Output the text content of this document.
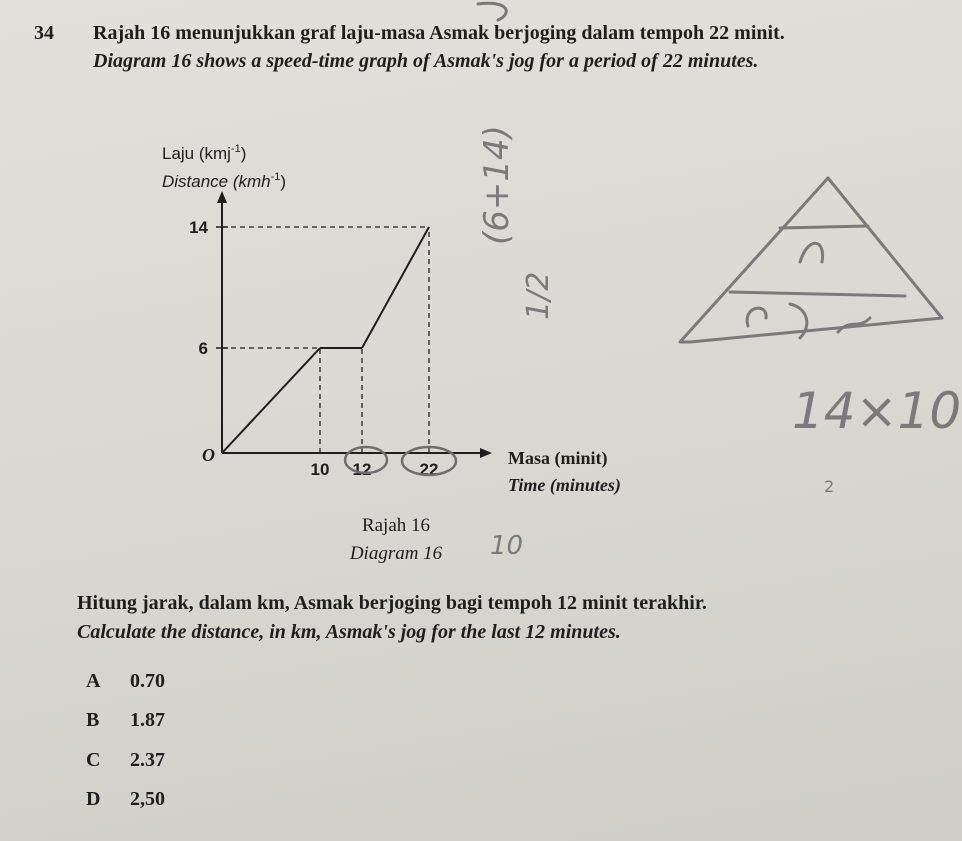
34 Rajah 16 menunjukkan graf laju-masa Asmak berjoging dalam tempoh 22 minit.
Diagram 16 shows a speed-time graph of Asmak's jog for a period of 22 minutes.
Laju (kmj$^{-1}$)
Distance (kmh$^{-1}$)
Masa (minit)
Time (minutes)
O
6
14
10 12	22
Rajah 16
Diagram 16
Hitung jarak, dalam km, Asmak berjoging bagi tempoh 12 minit terakhir.
Calculate the distance, in km, Asmak's jog for the last 12 minutes.
A 0.70
B 1.87
C 2.37
D 2,50
(6+14)
1/2
14×10
2
10
